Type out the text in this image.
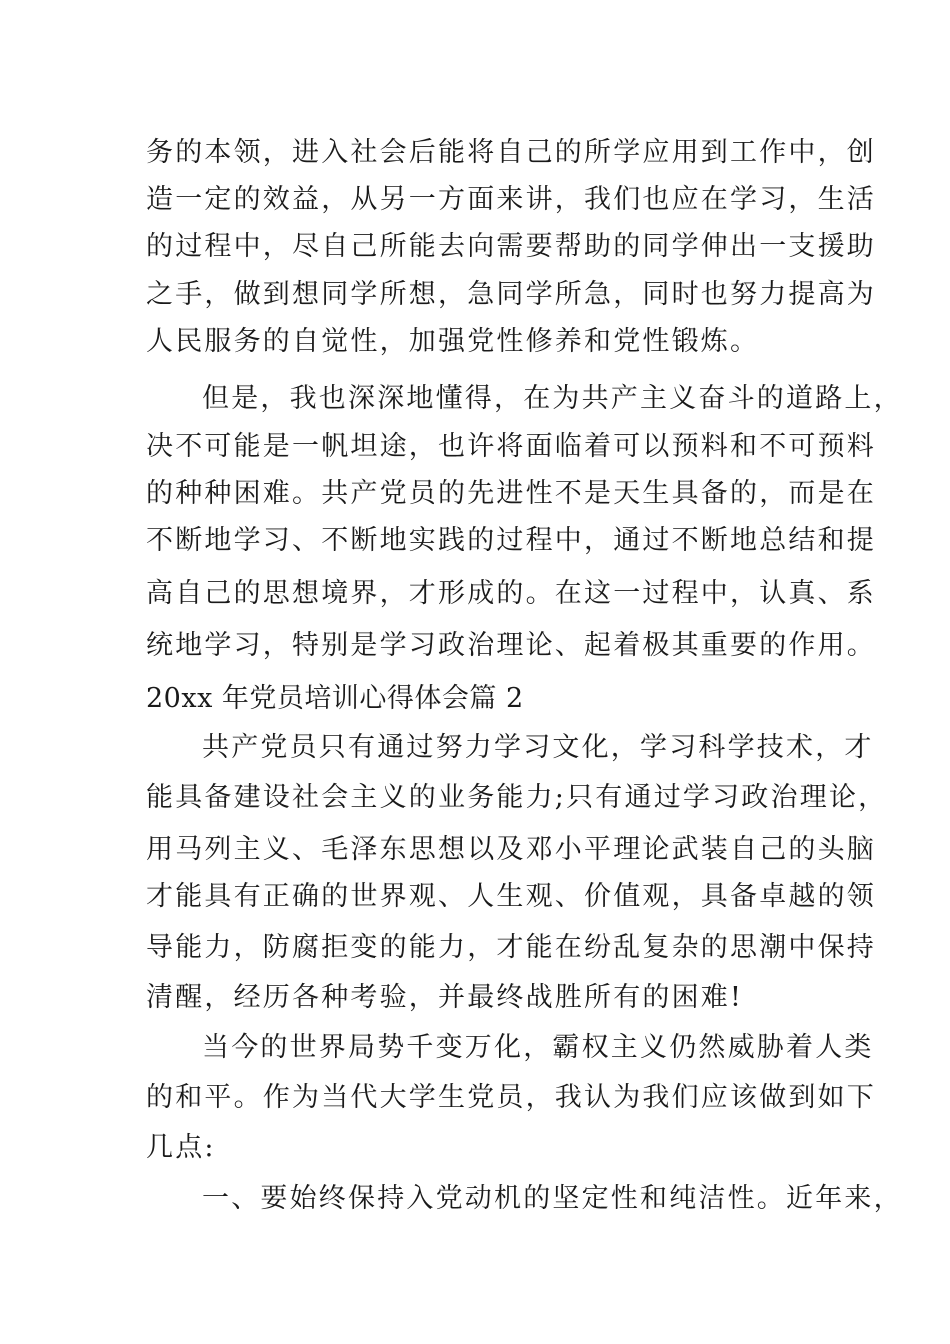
务的本领，进入社会后能将自己的所学应用到工作中，创

造一定的效益，从另一方面来讲，我们也应在学习，生活

的过程中，尽自己所能去向需要帮助的同学伸出一支援助

之手，做到想同学所想，急同学所急，同时也努力提高为

人民服务的自觉性，加强党性修养和党性锻炼。

但是，我也深深地懂得，在为共产主义奋斗的道路上，

决不可能是一帆坦途，也许将面临着可以预料和不可预料

的种种困难。共产党员的先进性不是天生具备的，而是在

不断地学习、不断地实践的过程中，通过不断地总结和提

高自己的思想境界，才形成的。在这一过程中，认真、系

统地学习，特别是学习政治理论、起着极其重要的作用。

20xx 年党员培训心得体会篇 2

共产党员只有通过努力学习文化，学习科学技术，才

能具备建设社会主义的业务能力;只有通过学习政治理论，

用马列主义、毛泽东思想以及邓小平理论武装自己的头脑

才能具有正确的世界观、人生观、价值观，具备卓越的领

导能力，防腐拒变的能力，才能在纷乱复杂的思潮中保持

清醒，经历各种考验，并最终战胜所有的困难!

当今的世界局势千变万化，霸权主义仍然威胁着人类

的和平。作为当代大学生党员，我认为我们应该做到如下

几点:

一、要始终保持入党动机的坚定性和纯洁性。近年来，
